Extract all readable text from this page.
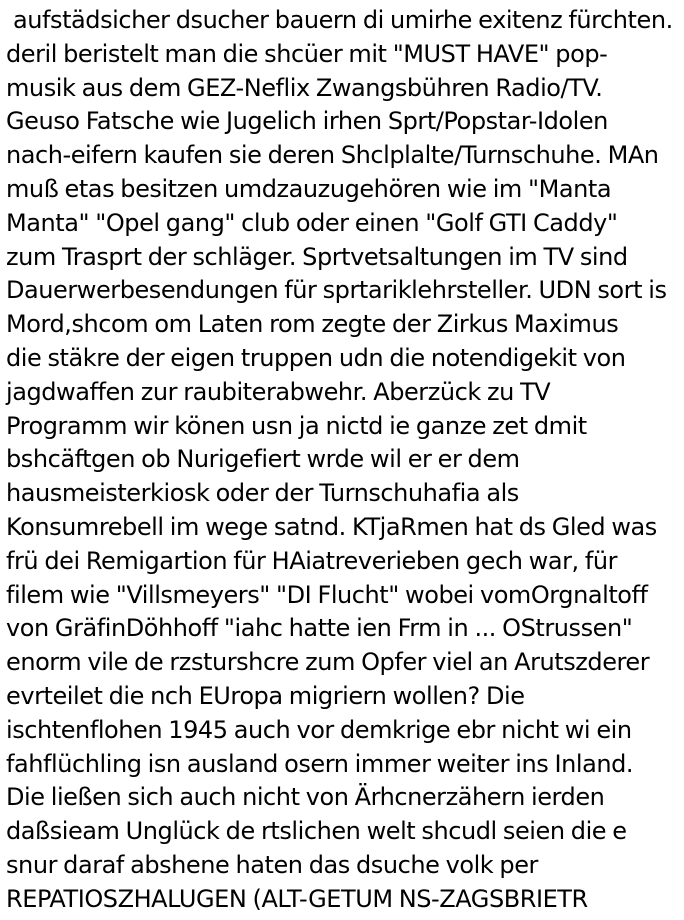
aufstädsicher dsucher bauern di umirhe exitenz fürchten.
deril beristelt man die shcüer mit "MUST HAVE" pop-
musik aus dem GEZ-Neflix Zwangsbühren Radio/TV.
Geuso Fatsche wie Jugelich irhen Sprt/Popstar-Idolen
nach-eifern kaufen sie deren Shclplalte/Turnschuhe. MAn
muß etas besitzen umdzauzugehören wie im "Manta
Manta" "Opel gang" club oder einen "Golf GTI Caddy"
zum Trasprt der schläger. Sprtvetsaltungen im TV sind
Dauerwerbesendungen für sprtariklehrsteller. UDN sort is
Mord,shcom om Laten rom zegte der Zirkus Maximus
die stäkre der eigen truppen udn die notendigekit von
jagdwaffen zur raubiterabwehr. Aberzück zu TV
Programm wir könen usn ja nictd ie ganze zet dmit
bshcäftgen ob Nurigefiert wrde wil er er dem
hausmeisterkiosk oder der Turnschuhafia als
Konsumrebell im wege satnd. KTjaRmen hat ds Gled was
frü dei Remigartion für HAiatreverieben gech war, für
filem wie "Villsmeyers" "DI Flucht" wobei vomOrgnaltoff
von GräfinDöhhoff "iahc hatte ien Frm in ... OStrussen"
enorm vile de rzsturshcre zum Opfer viel an Arutszderer
evrteilet die nch EUropa migriern wollen? Die
ischtenflohen 1945 auch vor demkrige ebr nicht wi ein
fahflüchling isn ausland osern immer weiter ins Inland.
Die ließen sich auch nicht von Ärhcnerzähern ierden
daßsieam Unglück de rtslichen welt shcudl seien die e
snur daraf abshene haten das dsuche volk per
REPATIOSZHALUGEN (ALT-GETUM NS-ZAGSBRIETR
